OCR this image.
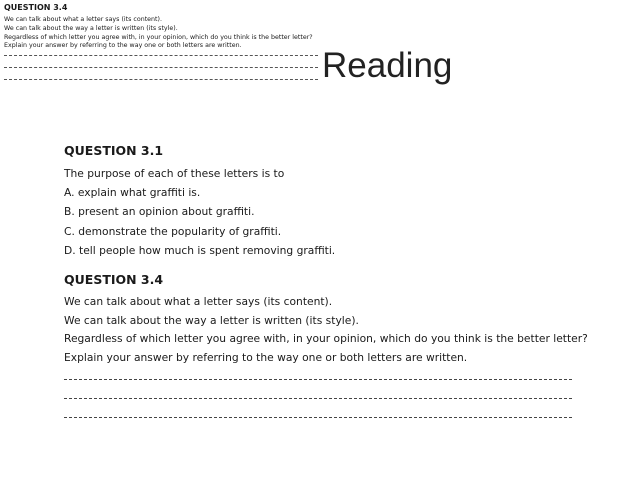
Reading
QUESTION 3.4
We can talk about what a letter says (its content).
We can talk about the way a letter is written (its style).
Regardless of which letter you agree with, in your opinion, which do you think is the better letter?
Explain your answer by referring to the way one or both letters are written.
QUESTION 3.1
The purpose of each of these letters is to
A. explain what graffiti is.
B. present an opinion about graffiti.
C. demonstrate the popularity of graffiti.
D. tell people how much is spent removing graffiti.
QUESTION 3.4
We can talk about what a letter says (its content).
We can talk about the way a letter is written (its style).
Regardless of which letter you agree with, in your opinion, which do you think is the better letter?
Explain your answer by referring to the way one or both letters are written.
